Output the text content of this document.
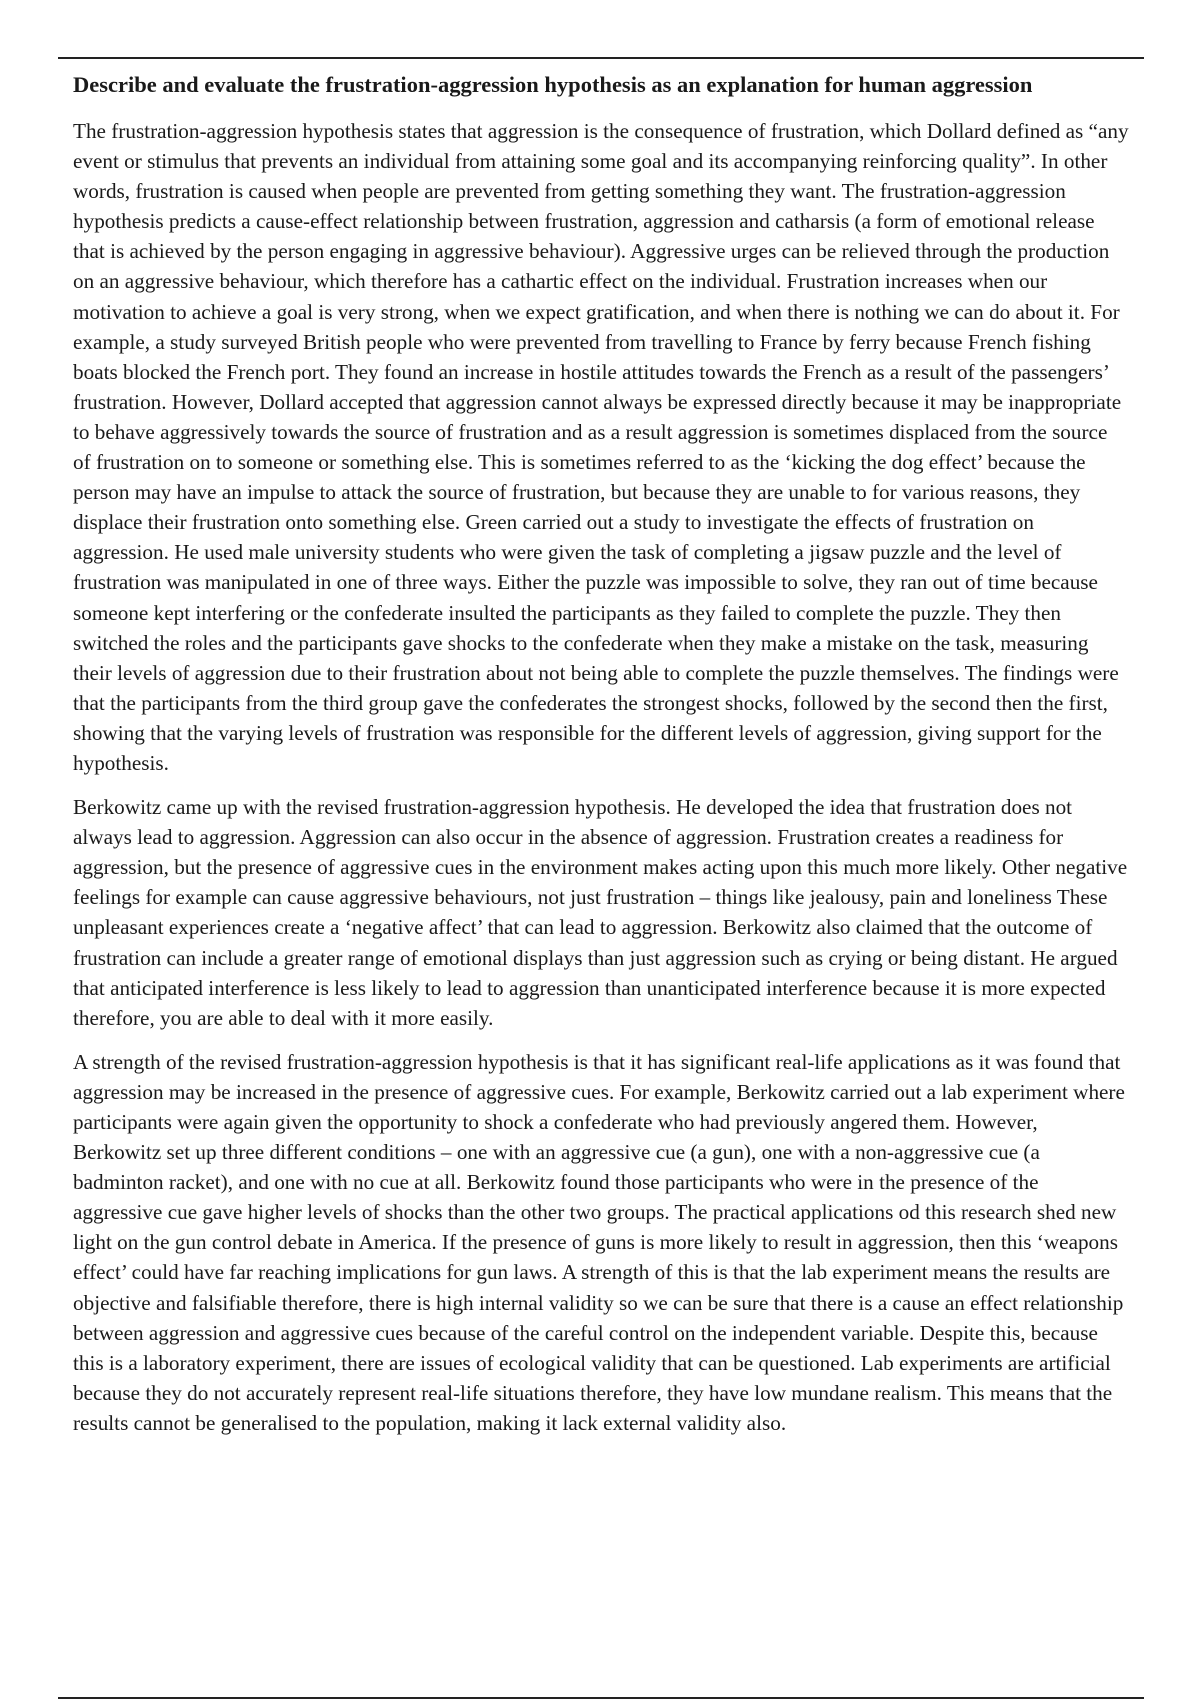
Describe and evaluate the frustration-aggression hypothesis as an explanation for human aggression

The frustration-aggression hypothesis states that aggression is the consequence of frustration, which Dollard defined as “any event or stimulus that prevents an individual from attaining some goal and its accompanying reinforcing quality”. In other words, frustration is caused when people are prevented from getting something they want. The frustration-aggression hypothesis predicts a cause-effect relationship between frustration, aggression and catharsis (a form of emotional release that is achieved by the person engaging in aggressive behaviour). Aggressive urges can be relieved through the production on an aggressive behaviour, which therefore has a cathartic effect on the individual. Frustration increases when our motivation to achieve a goal is very strong, when we expect gratification, and when there is nothing we can do about it. For example, a study surveyed British people who were prevented from travelling to France by ferry because French fishing boats blocked the French port. They found an increase in hostile attitudes towards the French as a result of the passengers’ frustration. However, Dollard accepted that aggression cannot always be expressed directly because it may be inappropriate to behave aggressively towards the source of frustration and as a result aggression is sometimes displaced from the source of frustration on to someone or something else. This is sometimes referred to as the ‘kicking the dog effect’ because the person may have an impulse to attack the source of frustration, but because they are unable to for various reasons, they displace their frustration onto something else. Green carried out a study to investigate the effects of frustration on aggression. He used male university students who were given the task of completing a jigsaw puzzle and the level of frustration was manipulated in one of three ways. Either the puzzle was impossible to solve, they ran out of time because someone kept interfering or the confederate insulted the participants as they failed to complete the puzzle. They then switched the roles and the participants gave shocks to the confederate when they make a mistake on the task, measuring their levels of aggression due to their frustration about not being able to complete the puzzle themselves. The findings were that the participants from the third group gave the confederates the strongest shocks, followed by the second then the first, showing that the varying levels of frustration was responsible for the different levels of aggression, giving support for the hypothesis.

Berkowitz came up with the revised frustration-aggression hypothesis. He developed the idea that frustration does not always lead to aggression. Aggression can also occur in the absence of aggression. Frustration creates a readiness for aggression, but the presence of aggressive cues in the environment makes acting upon this much more likely. Other negative feelings for example can cause aggressive behaviours, not just frustration – things like jealousy, pain and loneliness These unpleasant experiences create a ‘negative affect’ that can lead to aggression. Berkowitz also claimed that the outcome of frustration can include a greater range of emotional displays than just aggression such as crying or being distant. He argued that anticipated interference is less likely to lead to aggression than unanticipated interference because it is more expected therefore, you are able to deal with it more easily.

A strength of the revised frustration-aggression hypothesis is that it has significant real-life applications as it was found that aggression may be increased in the presence of aggressive cues. For example, Berkowitz carried out a lab experiment where participants were again given the opportunity to shock a confederate who had previously angered them. However, Berkowitz set up three different conditions – one with an aggressive cue (a gun), one with a non-aggressive cue (a badminton racket), and one with no cue at all. Berkowitz found those participants who were in the presence of the aggressive cue gave higher levels of shocks than the other two groups. The practical applications od this research shed new light on the gun control debate in America. If the presence of guns is more likely to result in aggression, then this ‘weapons effect’ could have far reaching implications for gun laws. A strength of this is that the lab experiment means the results are objective and falsifiable therefore, there is high internal validity so we can be sure that there is a cause an effect relationship between aggression and aggressive cues because of the careful control on the independent variable. Despite this, because this is a laboratory experiment, there are issues of ecological validity that can be questioned. Lab experiments are artificial because they do not accurately represent real-life situations therefore, they have low mundane realism. This means that the results cannot be generalised to the population, making it lack external validity also.
